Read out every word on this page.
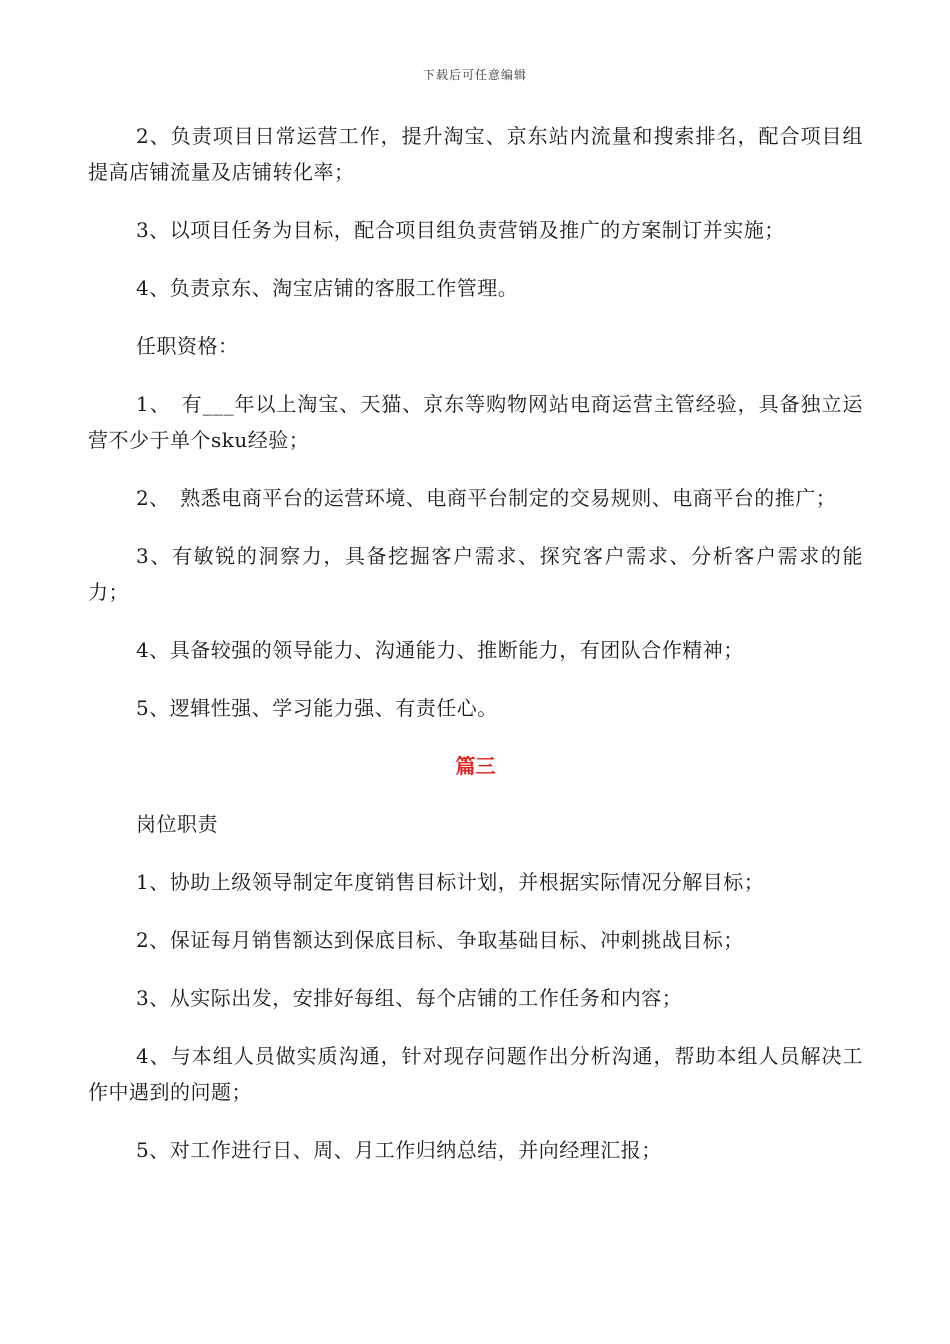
下载后可任意编辑

2、负责项目日常运营工作，提升淘宝、京东站内流量和搜索排名，配合项目组提高店铺流量及店铺转化率；

3、以项目任务为目标，配合项目组负责营销及推广的方案制订并实施；

4、负责京东、淘宝店铺的客服工作管理。

任职资格：

1、　有___年以上淘宝、天猫、京东等购物网站电商运营主管经验，具备独立运营不少于单个sku经验；

2、　熟悉电商平台的运营环境、电商平台制定的交易规则、电商平台的推广；

3、有敏锐的洞察力，具备挖掘客户需求、探究客户需求、分析客户需求的能力；

4、具备较强的领导能力、沟通能力、推断能力，有团队合作精神；

5、逻辑性强、学习能力强、有责任心。

篇三

岗位职责

1、协助上级领导制定年度销售目标计划，并根据实际情况分解目标；

2、保证每月销售额达到保底目标、争取基础目标、冲刺挑战目标；

3、从实际出发，安排好每组、每个店铺的工作任务和内容；

4、与本组人员做实质沟通，针对现存问题作出分析沟通，帮助本组人员解决工作中遇到的问题；

5、对工作进行日、周、月工作归纳总结，并向经理汇报；
